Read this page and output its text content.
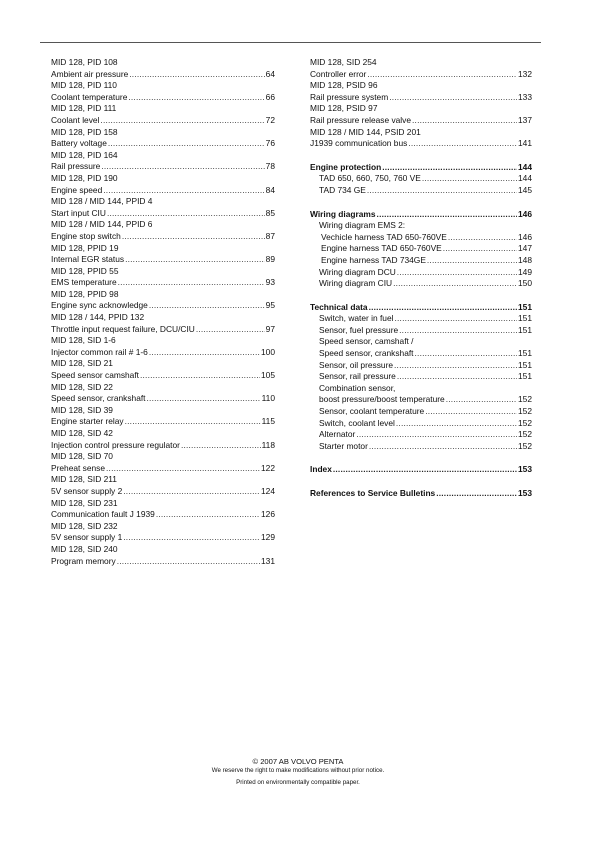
MID 128, PID 108
Ambient air pressure .....	64
MID 128, PID 110
Coolant temperature .....	66
MID 128, PID 111
Coolant level .....	72
MID 128, PID 158
Battery voltage .....	76
MID 128, PID 164
Rail pressure .....	78
MID 128, PID 190
Engine speed .....	84
MID 128 / MID 144, PPID 4
Start input CIU .....	85
MID 128 / MID 144, PPID 6
Engine stop switch .....	87
MID 128, PPID 19
Internal EGR status .....	89
MID 128, PPID 55
EMS temperature .....	93
MID 128, PPID 98
Engine sync acknowledge .....	95
MID 128 / 144, PPID 132
Throttle input request failure, DCU/CIU .....	97
MID 128, SID 1-6
Injector common rail # 1-6 .....	100
MID 128, SID 21
Speed sensor camshaft .....	105
MID 128, SID 22
Speed sensor, crankshaft .....	110
MID 128, SID 39
Engine starter relay .....	115
MID 128, SID 42
Injection control pressure regulator .....	118
MID 128, SID 70
Preheat sense .....	122
MID 128, SID 211
5V sensor supply 2 .....	124
MID 128, SID 231
Communication fault J 1939 .....	126
MID 128, SID 232
5V sensor supply 1 .....	129
MID 128, SID 240
Program memory .....	131
MID 128, SID 254
Controller error .....	132
MID 128, PSID 96
Rail pressure system .....	133
MID 128, PSID 97
Rail pressure release valve .....	137
MID 128 / MID 144, PSID 201
J1939 communication bus .....	141
Engine protection .....	144
TAD 650, 660, 750, 760 VE .....	144
TAD 734 GE .....	145
Wiring diagrams .....	146
Wiring diagram EMS 2:
Vechicle harness TAD 650-760VE .....	146
Engine harness TAD 650-760VE .....	147
Engine harness TAD 734GE .....	148
Wiring diagram DCU .....	149
Wiring diagram CIU .....	150
Technical data .....	151
Switch, water in fuel .....	151
Sensor, fuel pressure .....	151
Speed sensor, camshaft /
Speed sensor, crankshaft .....	151
Sensor, oil pressure .....	151
Sensor, rail pressure .....	151
Combination sensor,
boost pressure/boost temperature .....	152
Sensor, coolant temperature .....	152
Switch, coolant level .....	152
Alternator .....	152
Starter motor .....	152
Index .....	153
References to Service Bulletins .....	153
© 2007 AB VOLVO PENTA
We reserve the right to make modifications without prior notice.
Printed on environmentally compatible paper.
